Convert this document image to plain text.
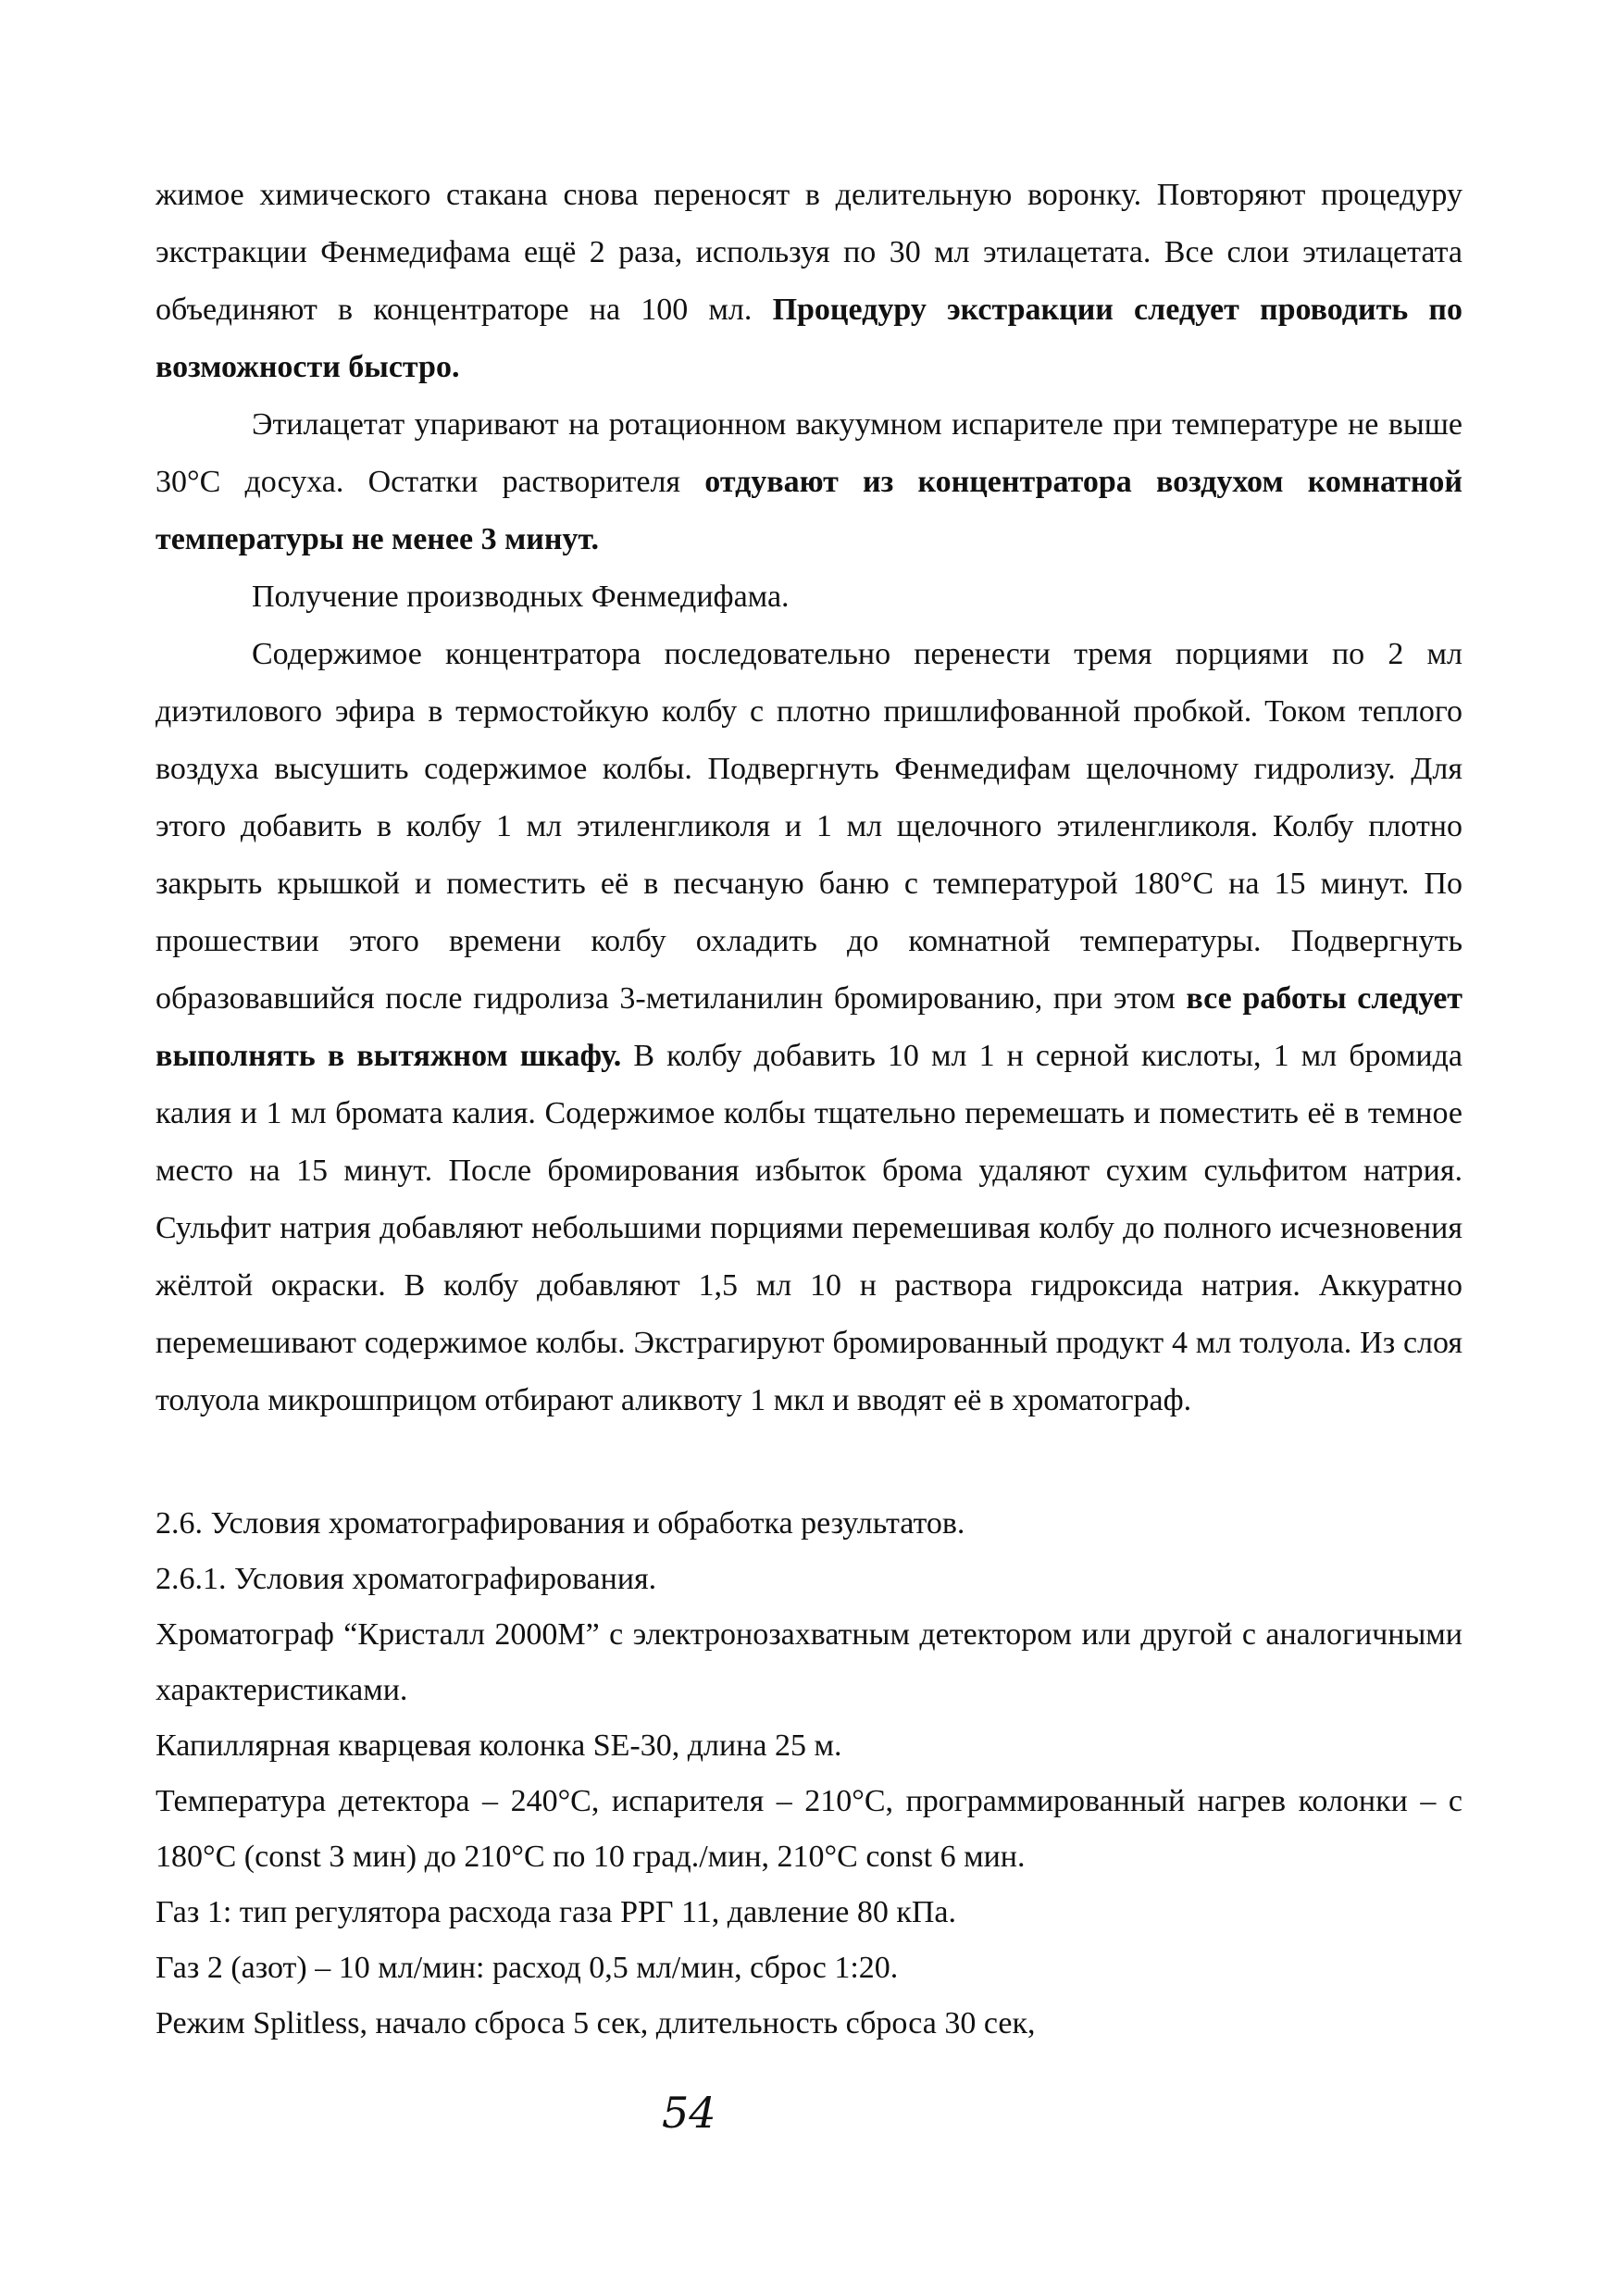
жимое химического стакана снова переносят в делительную воронку. Повторяют процедуру экстракции Фенмедифама ещё 2 раза, используя по 30 мл этилацетата. Все слои этилацетата объединяют в концентраторе на 100 мл. Процедуру экстракции следует проводить по возможности быстро.

Этилацетат упаривают на ротационном вакуумном испарителе при температуре не выше 30°С досуха. Остатки растворителя отдувают из концентратора воздухом комнатной температуры не менее 3 минут.

Получение производных Фенмедифама.

Содержимое концентратора последовательно перенести тремя порциями по 2 мл диэтилового эфира в термостойкую колбу с плотно пришлифованной пробкой. Током теплого воздуха высушить содержимое колбы. Подвергнуть Фенмедифам щелочному гидролизу. Для этого добавить в колбу 1 мл этиленгликоля и 1 мл щелочного этиленгликоля. Колбу плотно закрыть крышкой и поместить её в песчаную баню с температурой 180°С на 15 минут. По прошествии этого времени колбу охладить до комнатной температуры. Подвергнуть образовавшийся после гидролиза 3-метиланилин бромированию, при этом все работы следует выполнять в вытяжном шкафу. В колбу добавить 10 мл 1 н серной кислоты, 1 мл бромида калия и 1 мл бромата калия. Содержимое колбы тщательно перемешать и поместить её в темное место на 15 минут. После бромирования избыток брома удаляют сухим сульфитом натрия. Сульфит натрия добавляют небольшими порциями перемешивая колбу до полного исчезновения жёлтой окраски. В колбу добавляют 1,5 мл 10 н раствора гидроксида натрия. Аккуратно перемешивают содержимое колбы. Экстрагируют бромированный продукт 4 мл толуола. Из слоя толуола микрошприцом отбирают аликвоту 1 мкл и вводят её в хроматограф.

2.6. Условия хроматографирования и обработка результатов.
2.6.1. Условия хроматографирования.
Хроматограф “Кристалл 2000М” с электронозахватным детектором или другой с аналогичными характеристиками.
Капиллярная кварцевая колонка SE-30, длина 25 м.
Температура детектора – 240°С, испарителя – 210°С, программированный нагрев колонки – с 180°С (const 3 мин) до 210°С по 10 град./мин, 210°С const 6 мин.
Газ 1: тип регулятора расхода газа РРГ 11, давление 80 кПа.
Газ 2 (азот) – 10 мл/мин: расход 0,5 мл/мин, сброс 1:20.
Режим Splitless, начало сброса 5 сек, длительность сброса 30 сек,
54
